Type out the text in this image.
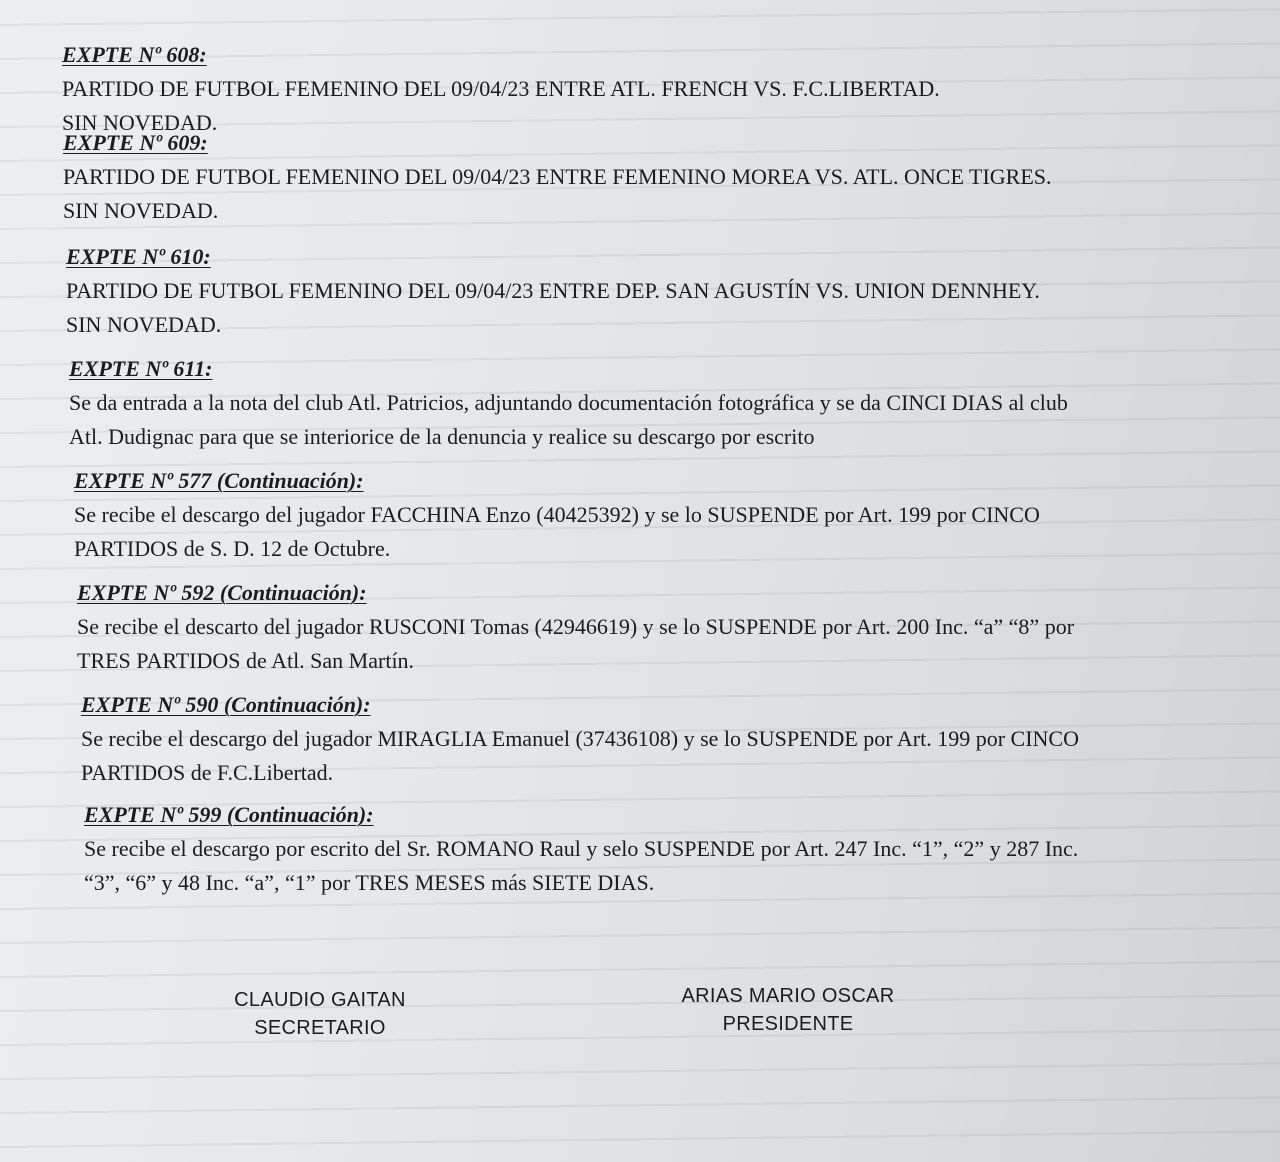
EXPTE Nº 608:
PARTIDO DE FUTBOL FEMENINO DEL 09/04/23 ENTRE ATL. FRENCH VS. F.C.LIBERTAD.
SIN NOVEDAD.
EXPTE Nº 609:
PARTIDO DE FUTBOL FEMENINO DEL 09/04/23 ENTRE FEMENINO MOREA VS. ATL. ONCE TIGRES.
SIN NOVEDAD.
EXPTE Nº 610:
PARTIDO DE FUTBOL FEMENINO DEL 09/04/23 ENTRE DEP. SAN AGUSTÍN VS. UNION DENNHEY.
SIN NOVEDAD.
EXPTE Nº 611:
Se da entrada a la nota del club Atl. Patricios, adjuntando documentación fotográfica y se da CINCI DIAS al club
Atl. Dudignac para que se interiorice de la denuncia y realice su descargo por escrito
EXPTE Nº 577 (Continuación):
Se recibe el descargo del jugador FACCHINA Enzo (40425392) y se lo SUSPENDE por Art. 199 por CINCO
PARTIDOS de S. D. 12 de Octubre.
EXPTE Nº 592 (Continuación):
Se recibe el descarto del jugador RUSCONI Tomas (42946619) y se lo SUSPENDE por Art. 200 Inc. “a” “8” por
TRES PARTIDOS de Atl. San Martín.
EXPTE Nº 590 (Continuación):
Se recibe el descargo del jugador MIRAGLIA Emanuel (37436108) y se lo SUSPENDE por Art. 199 por CINCO
PARTIDOS de F.C.Libertad.
EXPTE Nº 599 (Continuación):
Se recibe el descargo por escrito del Sr. ROMANO Raul y selo SUSPENDE por Art. 247 Inc. “1”, “2” y 287 Inc.
“3”, “6” y 48 Inc. “a”, “1” por TRES MESES más SIETE DIAS.
CLAUDIO GAITAN
SECRETARIO
ARIAS MARIO OSCAR
PRESIDENTE
